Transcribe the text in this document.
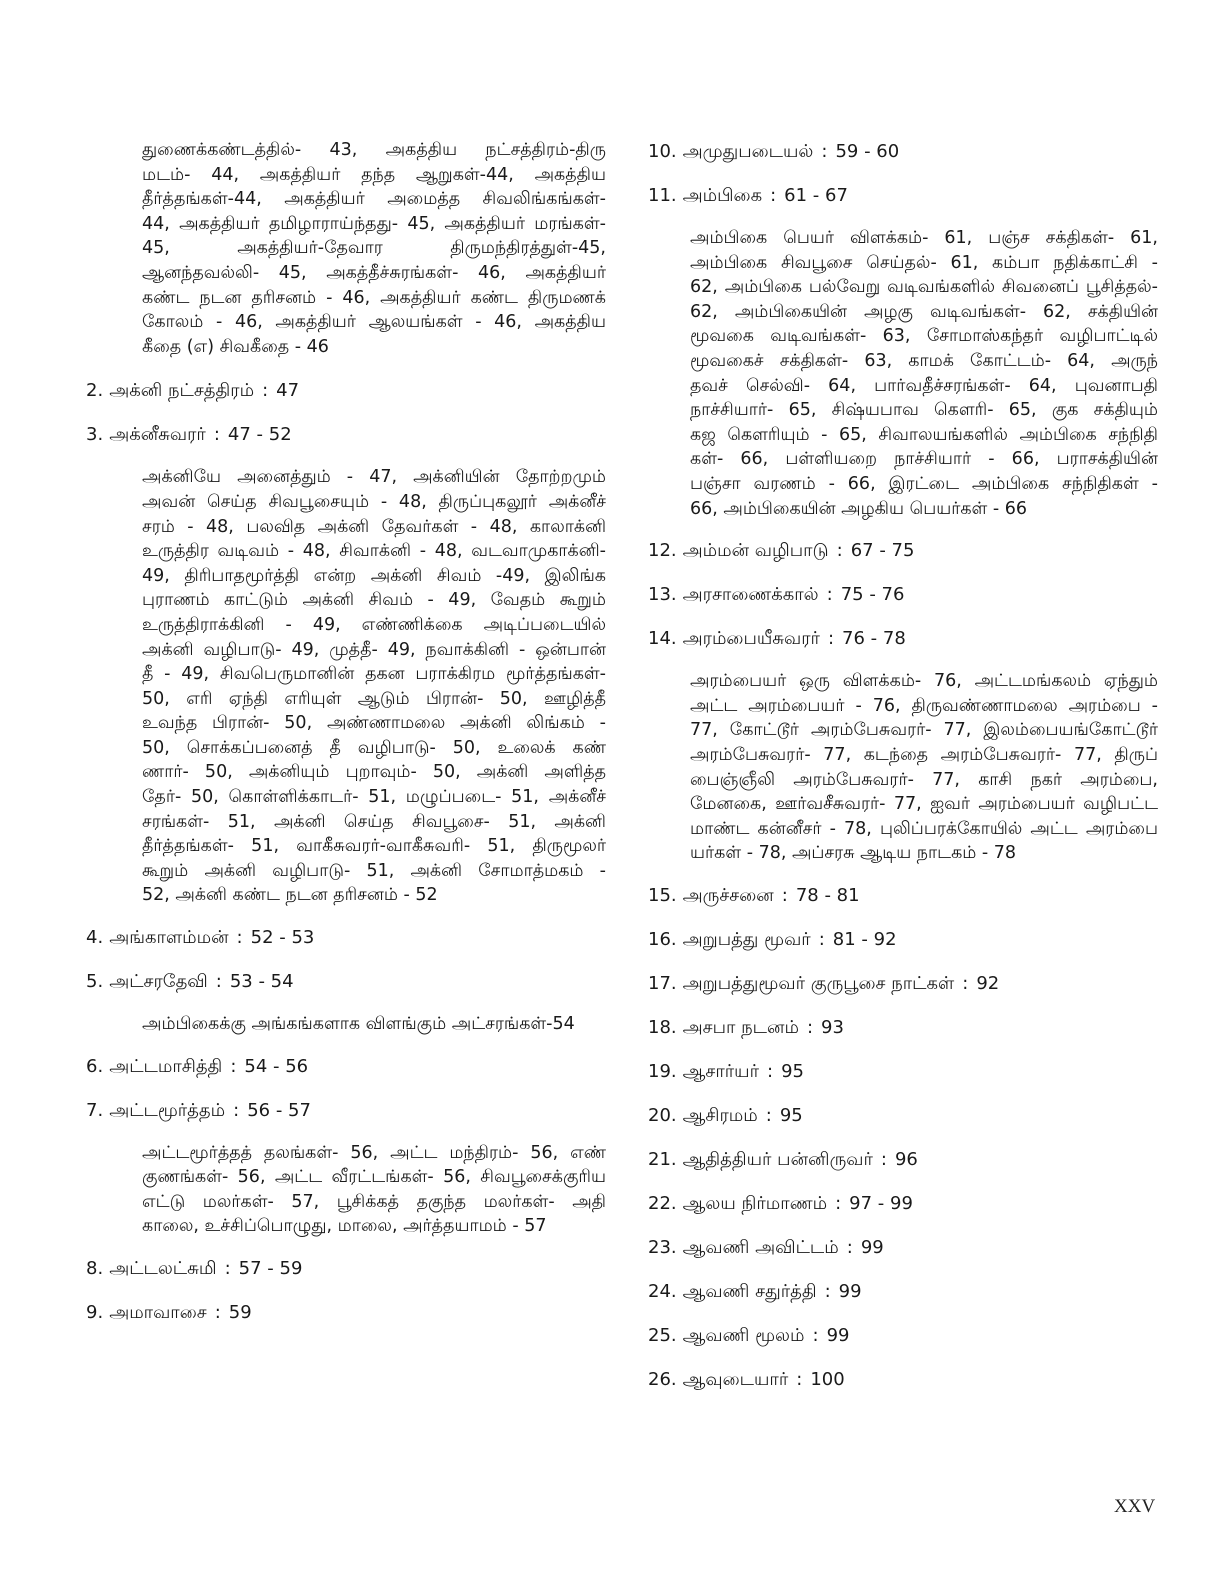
துணைக்கண்டத்தில்- 43, அகத்திய நட்சத்திரம்-திரு
மடம்- 44, அகத்தியர் தந்த ஆறுகள்-44, அகத்திய
தீர்த்தங்கள்-44, அகத்தியர் அமைத்த சிவலிங்கங்கள்-
44, அகத்தியர் தமிழாராய்ந்தது- 45, அகத்தியர் மரங்கள்-
45, அகத்தியர்-தேவார திருமந்திரத்துள்-45,
ஆனந்தவல்லி- 45, அகத்தீச்சுரங்கள்- 46, அகத்தியர்
கண்ட நடன தரிசனம் - 46, அகத்தியர் கண்ட திருமணக்
கோலம் - 46, அகத்தியர் ஆலயங்கள் - 46, அகத்திய
கீதை (எ) சிவகீதை - 46
2. அக்னி நட்சத்திரம் : 47
3. அக்னீசுவரர் : 47 - 52
அக்னியே அனைத்தும் - 47, அக்னியின் தோற்றமும்
அவன் செய்த சிவபூசையும் - 48, திருப்புகலூர் அக்னீச்
சரம் - 48, பலவித அக்னி தேவர்கள் - 48, காலாக்னி
உருத்திர வடிவம் - 48, சிவாக்னி - 48, வடவாமுகாக்னி-
49, திரிபாதமூர்த்தி என்ற அக்னி சிவம் -49, இலிங்க
புராணம் காட்டும் அக்னி சிவம் - 49, வேதம் கூறும்
உருத்திராக்கினி - 49, எண்ணிக்கை அடிப்படையில்
அக்னி வழிபாடு- 49, முத்தீ- 49, நவாக்கினி - ஒன்பான்
தீ - 49, சிவபெருமானின் தகன பராக்கிரம மூர்த்தங்கள்-
50, எரி ஏந்தி எரியுள் ஆடும் பிரான்- 50, ஊழித்தீ
உவந்த பிரான்- 50, அண்ணாமலை அக்னி லிங்கம் -
50, சொக்கப்பனைத் தீ வழிபாடு- 50, உலைக் கண்
ணார்- 50, அக்னியும் புறாவும்- 50, அக்னி அளித்த
தேர்- 50, கொள்ளிக்காடர்- 51, மழுப்படை- 51, அக்னீச்
சரங்கள்- 51, அக்னி செய்த சிவபூசை- 51, அக்னி
தீர்த்தங்கள்- 51, வாகீசுவரர்-வாகீசுவரி- 51, திருமூலர்
கூறும் அக்னி வழிபாடு- 51, அக்னி சோமாத்மகம் -
52, அக்னி கண்ட நடன தரிசனம் - 52
4. அங்காளம்மன் : 52 - 53
5. அட்சரதேவி : 53 - 54
அம்பிகைக்கு அங்கங்களாக விளங்கும் அட்சரங்கள்-54
6. அட்டமாசித்தி : 54 - 56
7. அட்டமூர்த்தம் : 56 - 57
அட்டமூர்த்தத் தலங்கள்- 56, அட்ட மந்திரம்- 56, எண்
குணங்கள்- 56, அட்ட வீரட்டங்கள்- 56, சிவபூசைக்குரிய
எட்டு மலர்கள்- 57, பூசிக்கத் தகுந்த மலர்கள்- அதி
காலை, உச்சிப்பொழுது, மாலை, அர்த்தயாமம் - 57
8. அட்டலட்சுமி : 57 - 59
9. அமாவாசை : 59
10. அமுதுபடையல் : 59 - 60
11. அம்பிகை : 61 - 67
அம்பிகை பெயர் விளக்கம்- 61, பஞ்ச சக்திகள்- 61,
அம்பிகை சிவபூசை செய்தல்- 61, கம்பா நதிக்காட்சி -
62, அம்பிகை பல்வேறு வடிவங்களில் சிவனைப் பூசித்தல்-
62, அம்பிகையின் அழகு வடிவங்கள்- 62, சக்தியின்
மூவகை வடிவங்கள்- 63, சோமாஸ்கந்தர் வழிபாட்டில்
மூவகைச் சக்திகள்- 63, காமக் கோட்டம்- 64, அருந்
தவச் செல்வி- 64, பார்வதீச்சரங்கள்- 64, புவனாபதி
நாச்சியார்- 65, சிஷ்யபாவ கௌரி- 65, குக சக்தியும்
கஜ கௌரியும் - 65, சிவாலயங்களில் அம்பிகை சந்நிதி
கள்- 66, பள்ளியறை நாச்சியார் - 66, பராசக்தியின்
பஞ்சா வரணம் - 66, இரட்டை அம்பிகை சந்நிதிகள் -
66, அம்பிகையின் அழகிய பெயர்கள் - 66
12. அம்மன் வழிபாடு : 67 - 75
13. அரசாணைக்கால் : 75 - 76
14. அரம்பையீசுவரர் : 76 - 78
அரம்பையர் ஒரு விளக்கம்- 76, அட்டமங்கலம் ஏந்தும்
அட்ட அரம்பையர் - 76, திருவண்ணாமலை அரம்பை -
77, கோட்டூர் அரம்பேசுவரர்- 77, இலம்பையங்கோட்டூர்
அரம்பேசுவரர்- 77, கடந்தை அரம்பேசுவரர்- 77, திருப்
பைஞ்ஞீலி அரம்பேசுவரர்- 77, காசி நகர் அரம்பை,
மேனகை, ஊர்வசீசுவரர்- 77, ஐவர் அரம்பையர் வழிபட்ட
மாண்ட கன்னீசர் - 78, புலிப்பரக்கோயில் அட்ட அரம்பை
யர்கள் - 78, அப்சரசு ஆடிய நாடகம் - 78
15. அருச்சனை : 78 - 81
16. அறுபத்து மூவர் : 81 - 92
17. அறுபத்துமூவர் குருபூசை நாட்கள் : 92
18. அசபா நடனம் : 93
19. ஆசார்யர் : 95
20. ஆசிரமம் : 95
21. ஆதித்தியர் பன்னிருவர் : 96
22. ஆலய நிர்மாணம் : 97 - 99
23. ஆவணி அவிட்டம் : 99
24. ஆவணி சதுர்த்தி : 99
25. ஆவணி மூலம் : 99
26. ஆவுடையார் : 100
XXV
